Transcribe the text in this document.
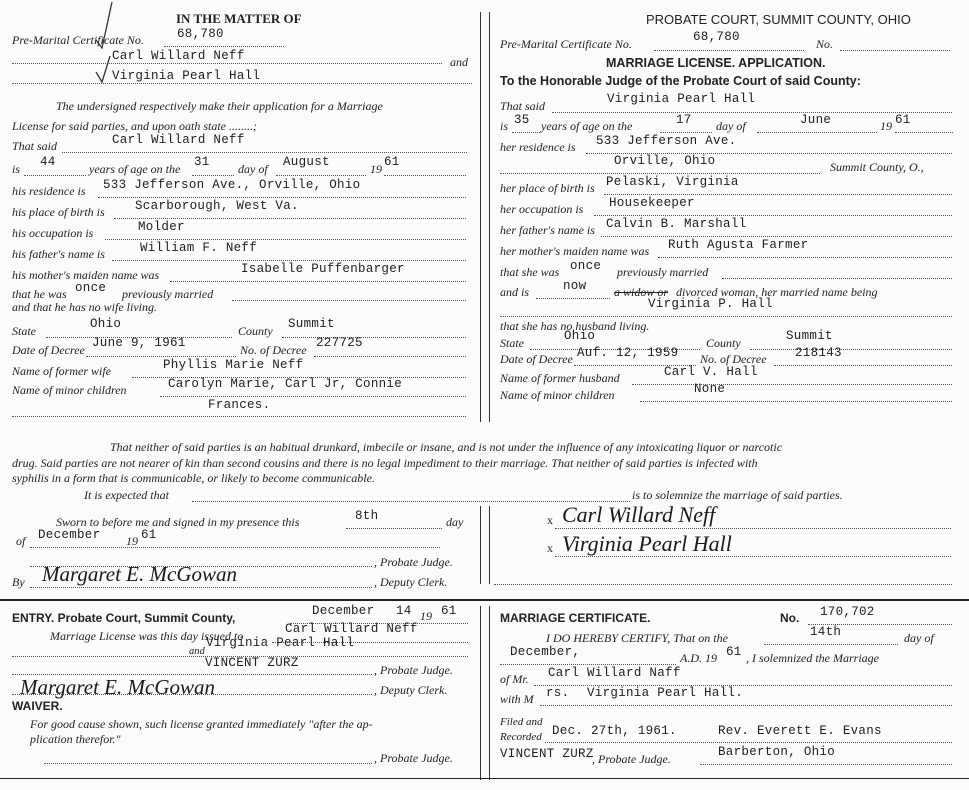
IN THE MATTER OF
Pre-Marital Certificate No.	68,780
Carl Willard Neff	and
Virginia Pearl Hall
The undersigned respectively make their application for a Marriage
License for said parties, and upon oath state ........;
That said	Carl Willard Neff
is 44	years of age on the 31 day of August	19 61
his residence is 533 Jefferson Ave., Orville, Ohio
his place of birth is Scarborough, West Va.
his occupation is	Molder
his father's name is	William F. Neff
his mother's maiden name was	Isabelle Puffenbarger
that he was once previously married
and that he has no wife living.
State	Ohio	County Summit
Date of Decree June 9, 1961	No. of Decree 227725
Name of former wife	Phyllis Marie Neff
Name of minor children	Carolyn Marie, Carl Jr, Connie
Frances.
PROBATE COURT, SUMMIT COUNTY, OHIO
Pre-Marital Certificate No.	68,780	No.
MARRIAGE LICENSE. APPLICATION.
To the Honorable Judge of the Probate Court of said County:
That said	Virginia Pearl Hall
is 35 years of age on the	17 day of	June	19 61
her residence is 533 Jefferson Ave.
Orville, Ohio	Summit County, O.,
her place of birth is Pelaski, Virginia
her occupation is Housekeeper
her father's name is Calvin B. Marshall
her mother's maiden name was Ruth Agusta Farmer
that she was once previously married
and is	now a widow or divorced woman, her married name being
Virginia P. Hall
that she has no husband living.
State	Ohio	County	Summit
Date of Decree Auf. 12, 1959 No. of Decree 218143
Name of former husband	Carl V. Hall
Name of minor children	None
That neither of said parties is an habitual drunkard, imbecile or insane, and is not under the influence of any intoxicating liquor or narcotic
drug. Said parties are not nearer of kin than second cousins and there is no legal impediment to their marriage. That neither of said parties is infected with
syphilis in a form that is communicable, or likely to become communicable.
It is expected that	is to solemnize the marriage of said parties.
Sworn to before me and signed in my presence this	8th	day
of December 19 61
, Probate Judge.
By Margaret E. McGowan	, Deputy Clerk.
x Carl Willard Neff
x Virginia Pearl Hall
ENTRY. Probate Court, Summit County,	December 14 19 61
Marriage License was this day issued to	Carl Willard Neff
and
Virginia Pearl Hall
VINCENT ZURZ	, Probate Judge.
Margaret E. McGowan	, Deputy Clerk.
WAIVER.
For good cause shown, such license granted immediately "after the ap-
plication therefor."
, Probate Judge.
MARRIAGE CERTIFICATE.	No. 170,702
I DO HEREBY CERTIFY, That on the	14th	day of
December,	A.D. 19 61 , I solemnized the Marriage
of Mr. Carl Willard Naff
with M rs. Virginia Pearl Hall.
Filed and
Recorded Dec. 27th, 1961.	Rev. Everett E. Evans
VINCENT ZURZ
, Probate Judge.	Barberton, Ohio
